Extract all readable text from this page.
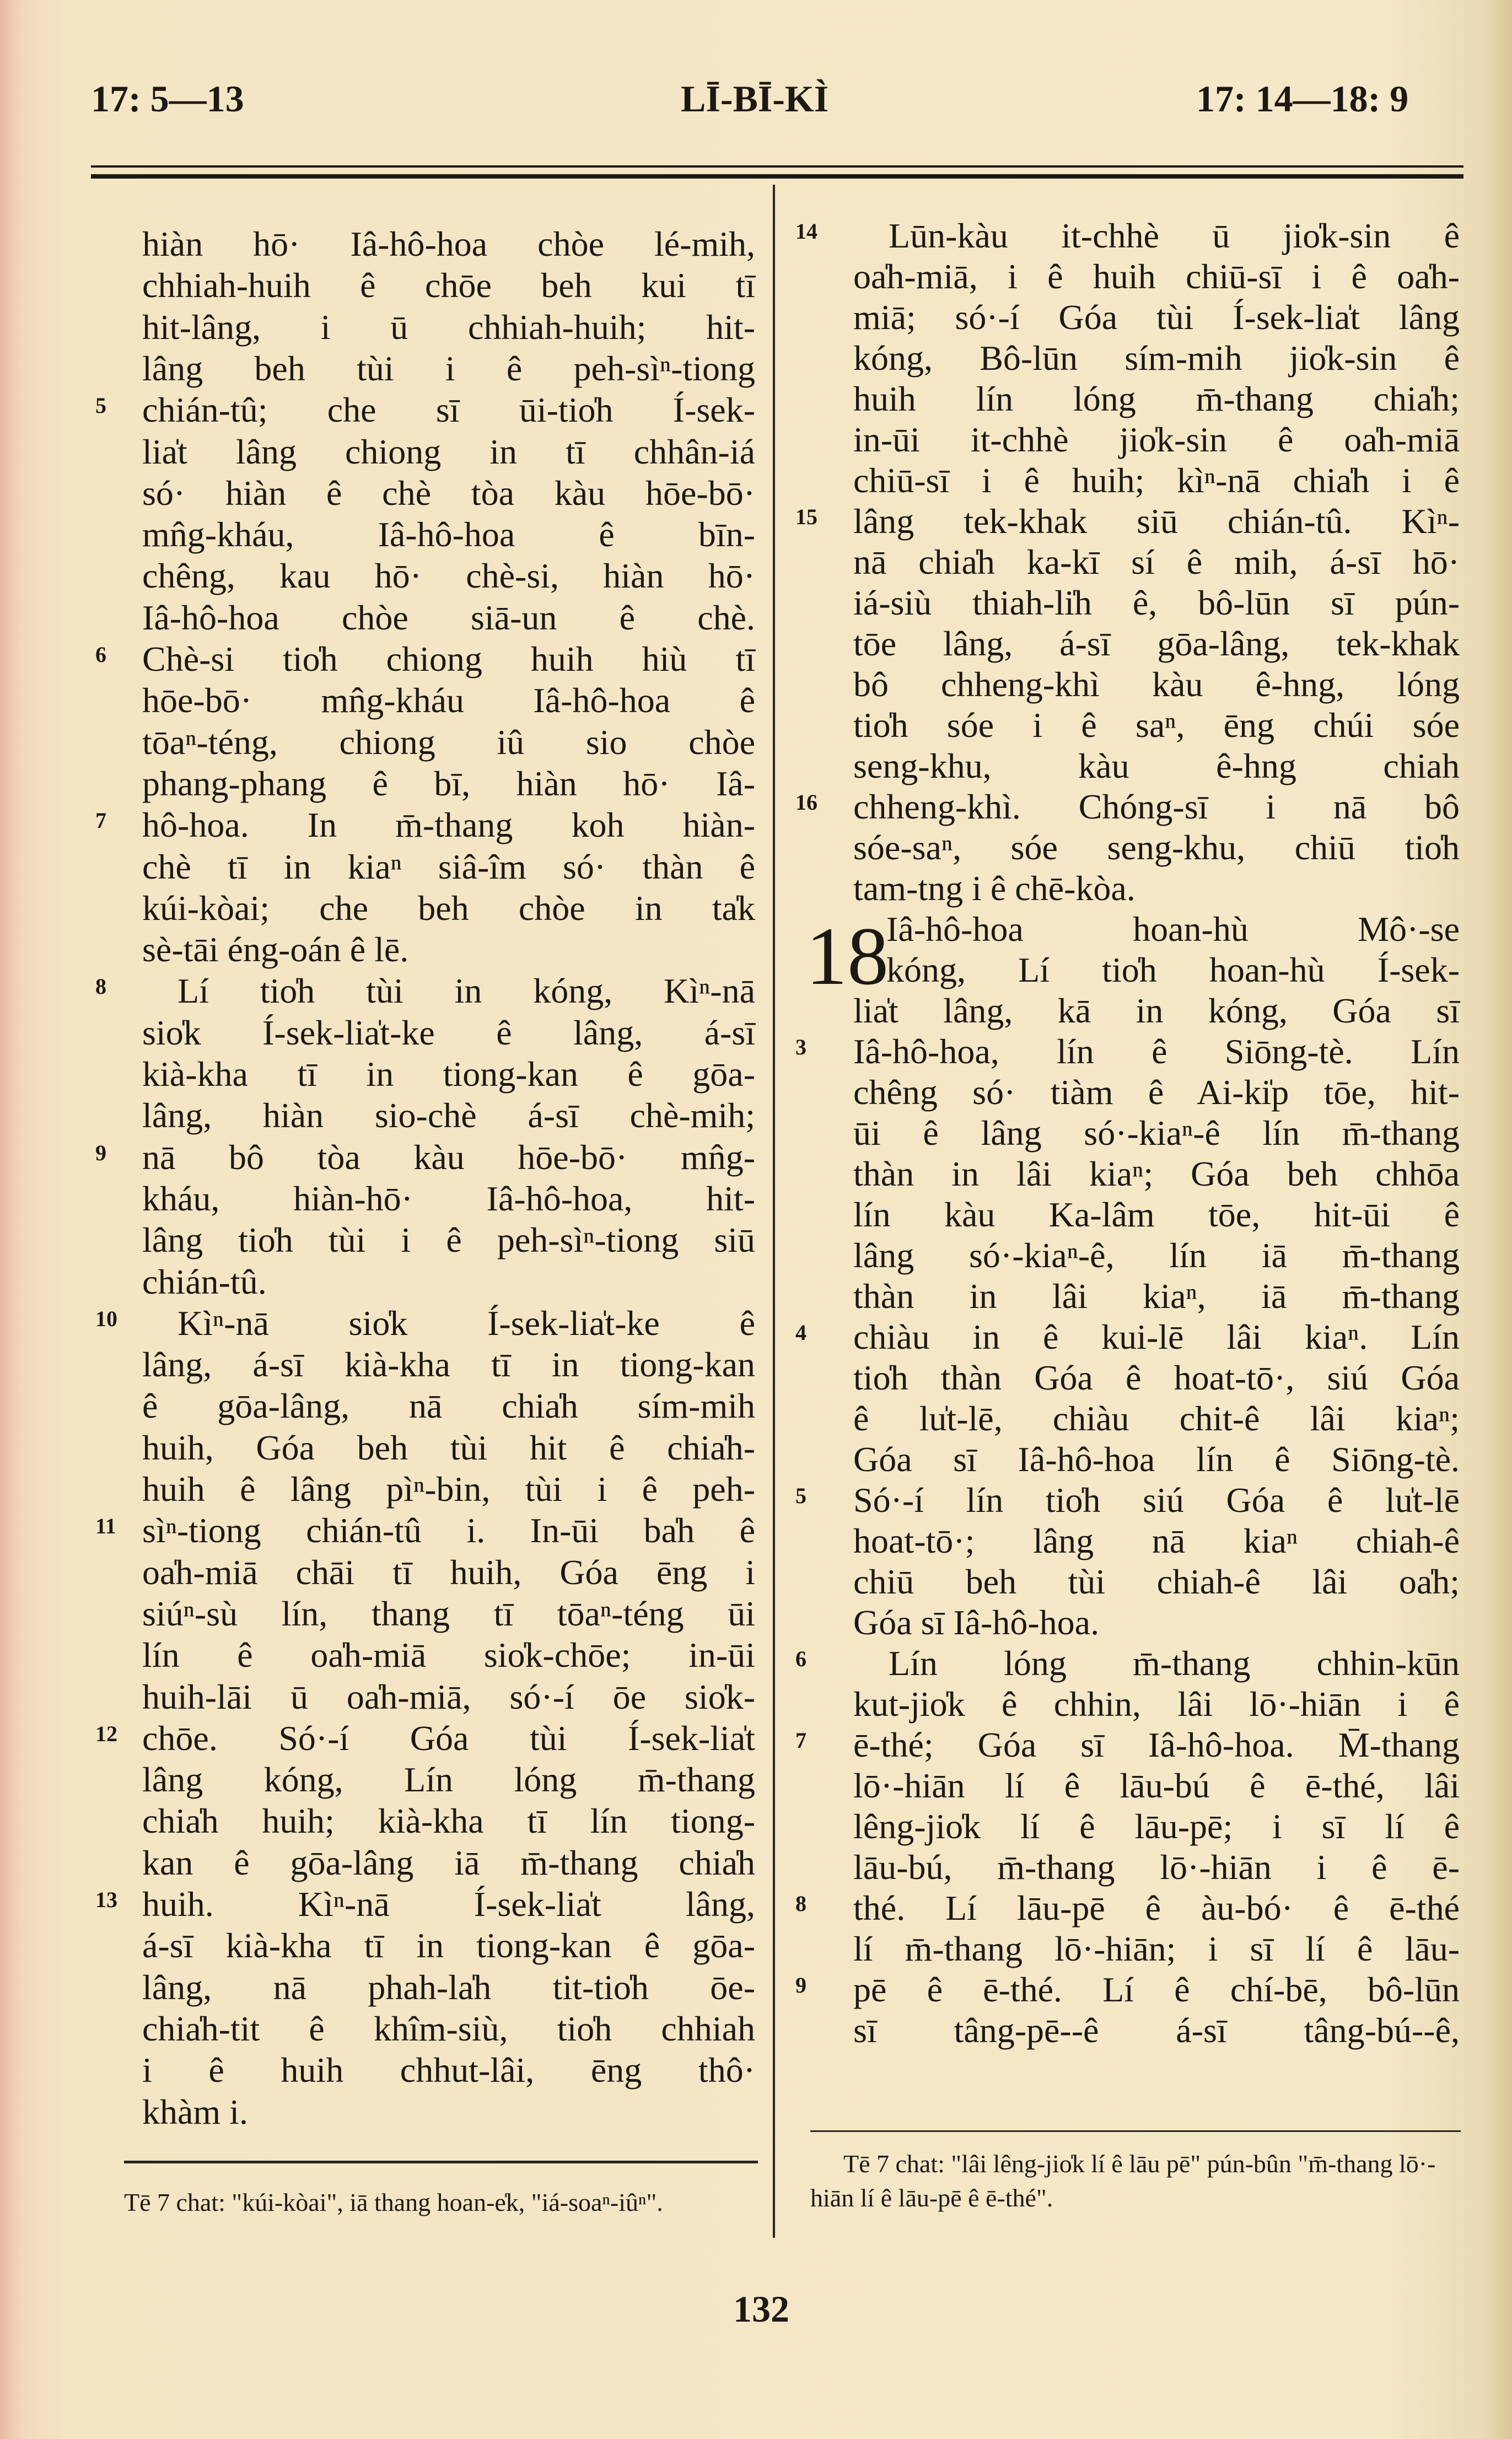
17: 5—13	LĪ-BĪ-KÌ	17: 14—18: 9
hiàn hō· Iâ-hô-hoa chòe lé-mih,
chhiah-huih ê chōe beh kui tī
hit-lâng, i ū chhiah-huih; hit-
lâng beh tùi i ê peh-sìⁿ-tiong
chián-tû; che sī ūi-tio̍h Í-sek-
5
lia̍t lâng chiong in tī chhân-iá
só· hiàn ê chè tòa kàu hōe-bō·
mn̂g-kháu, Iâ-hô-hoa ê bīn-
chêng, kau hō· chè-si, hiàn hō·
Iâ-hô-hoa chòe siā-un ê chè.
Chè-si tio̍h chiong huih hiù tī
6
hōe-bō· mn̂g-kháu Iâ-hô-hoa ê
tōaⁿ-téng, chiong iû sio chòe
phang-phang ê bī, hiàn hō· Iâ-
hô-hoa. In m̄-thang koh hiàn-
7
chè tī in kiaⁿ siâ-îm só· thàn ê
kúi-kòai; che beh chòe in ta̍k
sè-tāi éng-oán ê lē.
Lí tio̍h tùi in kóng, Kìⁿ-nā
8
sio̍k Í-sek-lia̍t-ke ê lâng, á-sī
kià-kha tī in tiong-kan ê gōa-
lâng, hiàn sio-chè á-sī chè-mih;
nā bô tòa kàu hōe-bō· mn̂g-
9
kháu, hiàn-hō· Iâ-hô-hoa, hit-
lâng tio̍h tùi i ê peh-sìⁿ-tiong siū
chián-tû.
Kìⁿ-nā sio̍k Í-sek-lia̍t-ke ê
10
lâng, á-sī kià-kha tī in tiong-kan
ê gōa-lâng, nā chia̍h sím-mih
huih, Góa beh tùi hit ê chia̍h-
huih ê lâng pìⁿ-bin, tùi i ê peh-
sìⁿ-tiong chián-tû i. In-ūi ba̍h ê
11
oa̍h-miā chāi tī huih, Góa ēng i
siúⁿ-sù lín, thang tī tōaⁿ-téng ūi
lín ê oa̍h-miā sio̍k-chōe; in-ūi
huih-lāi ū oa̍h-miā, só·-í ōe sio̍k-
chōe. Só·-í Góa tùi Í-sek-lia̍t
12
lâng kóng, Lín lóng m̄-thang
chia̍h huih; kià-kha tī lín tiong-
kan ê gōa-lâng iā m̄-thang chia̍h
huih. Kìⁿ-nā Í-sek-lia̍t lâng,
13
á-sī kià-kha tī in tiong-kan ê gōa-
lâng, nā phah-la̍h tit-tio̍h ōe-
chia̍h-tit ê khîm-siù, tio̍h chhiah
i ê huih chhut-lâi, ēng thô·
khàm i.
Lūn-kàu it-chhè ū jio̍k-sin ê
14
oa̍h-miā, i ê huih chiū-sī i ê oa̍h-
miā; só·-í Góa tùi Í-sek-lia̍t lâng
kóng, Bô-lūn sím-mih jio̍k-sin ê
huih lín lóng m̄-thang chia̍h;
in-ūi it-chhè jio̍k-sin ê oa̍h-miā
chiū-sī i ê huih; kìⁿ-nā chia̍h i ê
lâng tek-khak siū chián-tû. Kìⁿ-
15
nā chia̍h ka-kī sí ê mih, á-sī hō·
iá-siù thiah-li̍h ê, bô-lūn sī pún-
tōe lâng, á-sī gōa-lâng, tek-khak
bô chheng-khì kàu ê-hng, lóng
tio̍h sóe i ê saⁿ, ēng chúi sóe
seng-khu, kàu ê-hng chiah
chheng-khì. Chóng-sī i nā bô
16
sóe-saⁿ, sóe seng-khu, chiū tio̍h
tam-tng i ê chē-kòa.
Iâ-hô-hoa hoan-hù Mô·-se
kóng, Lí tio̍h hoan-hù Í-sek-
lia̍t lâng, kā in kóng, Góa sī
Iâ-hô-hoa, lín ê Siōng-tè. Lín
3
chêng só· tiàm ê Ai-ki̍p tōe, hit-
ūi ê lâng só·-kiaⁿ-ê lín m̄-thang
thàn in lâi kiaⁿ; Góa beh chhōa
lín kàu Ka-lâm tōe, hit-ūi ê
lâng só·-kiaⁿ-ê, lín iā m̄-thang
thàn in lâi kiaⁿ, iā m̄-thang
chiàu in ê kui-lē lâi kiaⁿ. Lín
4
tio̍h thàn Góa ê hoat-tō·, siú Góa
ê lu̍t-lē, chiàu chit-ê lâi kiaⁿ;
Góa sī Iâ-hô-hoa lín ê Siōng-tè.
Só·-í lín tio̍h siú Góa ê lu̍t-lē
5
hoat-tō·; lâng nā kiaⁿ chiah-ê
chiū beh tùi chiah-ê lâi oa̍h;
Góa sī Iâ-hô-hoa.
Lín lóng m̄-thang chhin-kūn
6
kut-jio̍k ê chhin, lâi lō·-hiān i ê
ē-thé; Góa sī Iâ-hô-hoa. M̄-thang
7
lō·-hiān lí ê lāu-bú ê ē-thé, lâi
lêng-jio̍k lí ê lāu-pē; i sī lí ê
lāu-bú, m̄-thang lō·-hiān i ê ē-
thé. Lí lāu-pē ê àu-bó· ê ē-thé
8
lí m̄-thang lō·-hiān; i sī lí ê lāu-
pē ê ē-thé. Lí ê chí-bē, bô-lūn
9
sī tâng-pē--ê á-sī tâng-bú--ê,
18
Tē 7 chat: "kúi-kòai", iā thang hoan-e̍k, "iá-soaⁿ-iûⁿ".
Tē 7 chat: "lâi lêng-jio̍k lí ê lāu pē" pún-bûn "m̄-thang lō·-hiān lí ê lāu-pē ê ē-thé".
132
